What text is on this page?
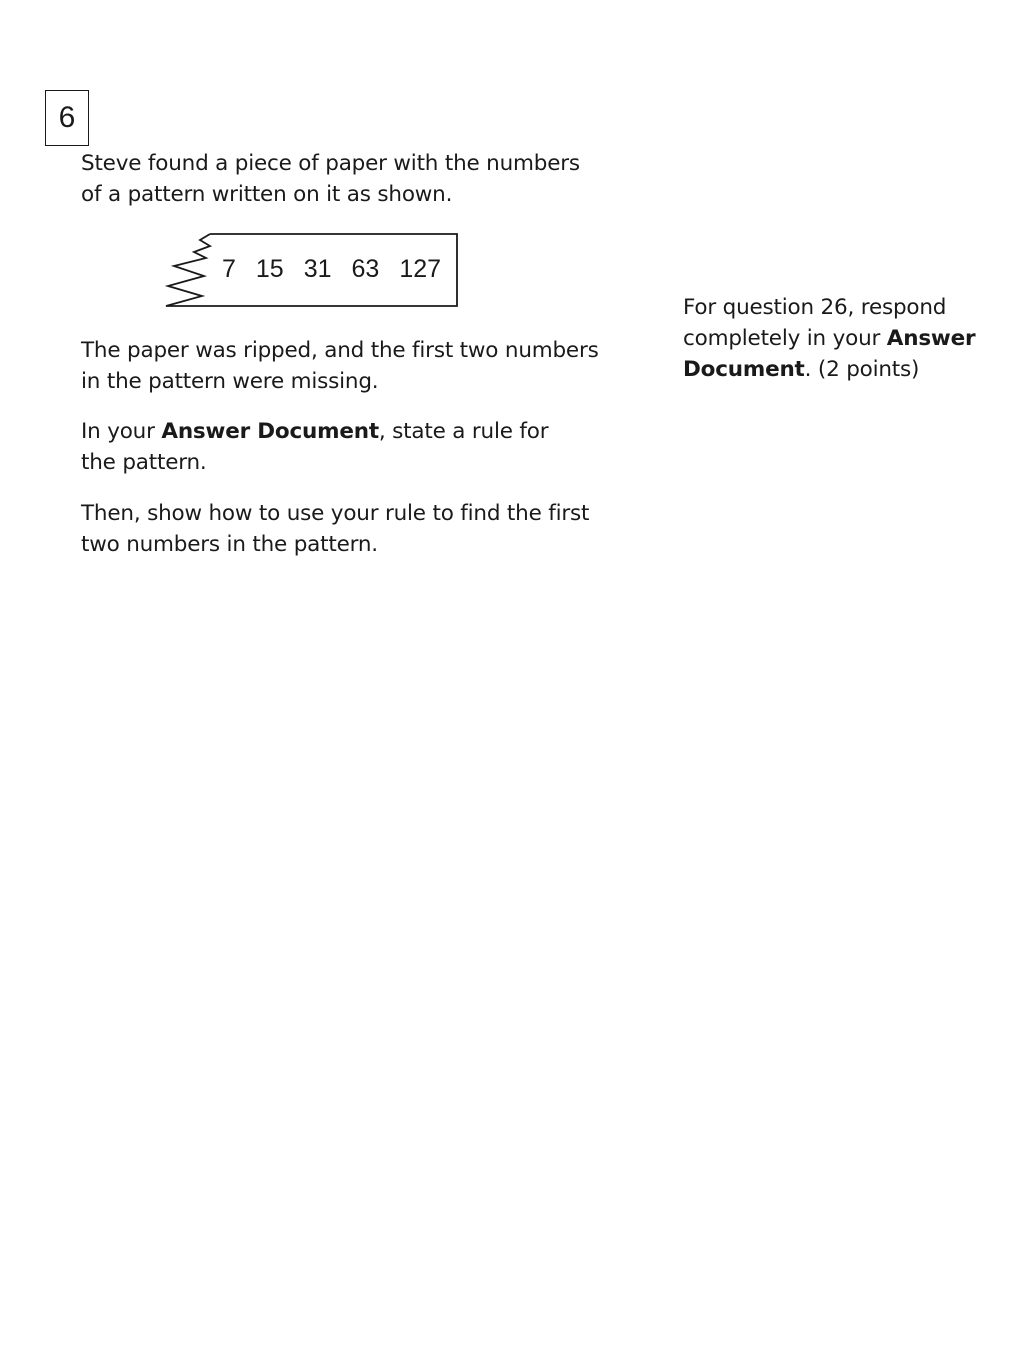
6

Steve found a piece of paper with the numbers
of a pattern written on it as shown.

7 15 31 63 127

The paper was ripped, and the first two numbers
in the pattern were missing.

In your Answer Document, state a rule for
the pattern.

Then, show how to use your rule to find the first
two numbers in the pattern.

For question 26, respond
completely in your Answer
Document. (2 points)
